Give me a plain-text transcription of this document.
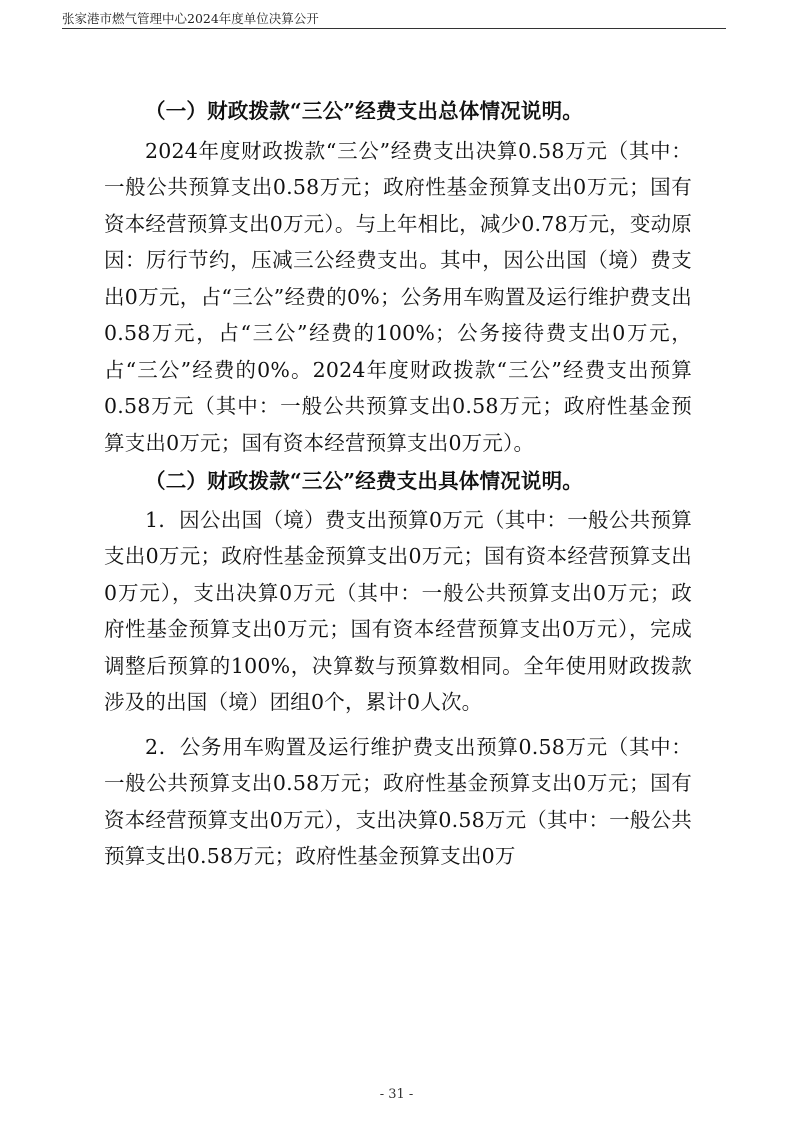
张家港市燃气管理中心2024年度单位决算公开

（一）财政拨款“三公”经费支出总体情况说明。

2024年度财政拨款“三公”经费支出决算0.58万元（其中：一般公共预算支出0.58万元；政府性基金预算支出0万元；国有资本经营预算支出0万元）。与上年相比，减少0.78万元，变动原因：厉行节约，压减三公经费支出。其中，因公出国（境）费支出0万元，占“三公”经费的0%；公务用车购置及运行维护费支出0.58万元，占“三公”经费的100%；公务接待费支出0万元，占“三公”经费的0%。2024年度财政拨款“三公”经费支出预算0.58万元（其中：一般公共预算支出0.58万元；政府性基金预算支出0万元；国有资本经营预算支出0万元）。

（二）财政拨款“三公”经费支出具体情况说明。

1．因公出国（境）费支出预算0万元（其中：一般公共预算支出0万元；政府性基金预算支出0万元；国有资本经营预算支出0万元），支出决算0万元（其中：一般公共预算支出0万元；政府性基金预算支出0万元；国有资本经营预算支出0万元），完成调整后预算的100%，决算数与预算数相同。全年使用财政拨款涉及的出国（境）团组0个，累计0人次。

2．公务用车购置及运行维护费支出预算0.58万元（其中：一般公共预算支出0.58万元；政府性基金预算支出0万元；国有资本经营预算支出0万元），支出决算0.58万元（其中：一般公共预算支出0.58万元；政府性基金预算支出0万

- 31 -
